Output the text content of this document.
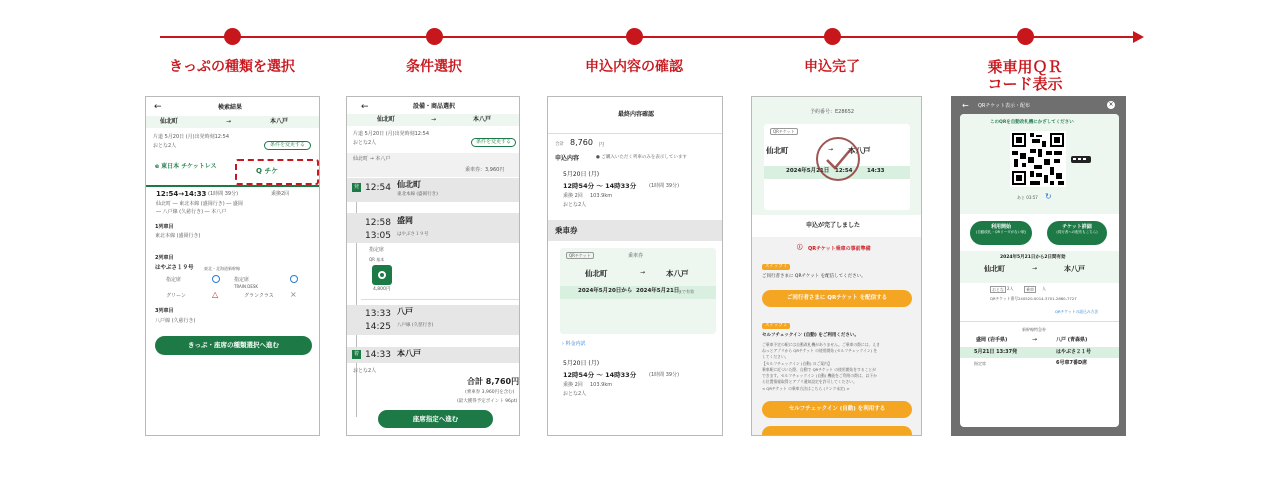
きっぷの種類を選択	条件選択	申込内容の確認	申込完了	乗車用ＱＲ
コード表示
←	検索結果
仙北町	→	本八戸
片道 5月20日 (月)出発時刻12:54
おとな2人	条件を変更する
e 東日本 チケットレス
Q チケ
12:54→14:33 (1時間 39分)	乗換2回
仙北町 ― 東北本線 (盛岡行き) ― 盛岡
― 八戸線 (久慈行き) ― 本八戸
1列車目
東北本線 (盛岡行き)
2列車目
はやぶさ１９号	東北・北海道新幹線
指定席	指定席
TRAIN DESK
グリーン	△	グランクラス ×
3列車目
八戸線 (久慈行き)
きっぷ・座席の種類選択へ進む
←	設備・商品選択
仙北町	→	本八戸
片道 5月20日 (月)出発時刻12:54
おとな2人	条件を変更する
仙北町 → 本八戸
乗車券：3,960円
発 12:54 仙北町
東北本線 (盛岡行き)
12:58 盛岡
13:05 はやぶさ１９号
指定席
QR 基本
4,800円
13:33 八戸
14:25 八戸線 (久慈行き)
着 14:33 本八戸
おとな2人
合計 8,760円
(乗車券 3,960円を含む)
(最大獲得予定ポイント 96pt)
座席指定へ進む
最終内容確認
合計 8,760 円
申込内容	● ご購入いただく列車のみを表示しています
5月20日 (月)
12時54分 〜 14時33分	(1時間 39分)
乗換 2回 103.9km
おとな2人
乗車券
QRチケット	乗車券
仙北町	→	本八戸
2024年5月20日から 2024年5月21日
まで有効
› 料金内訳
5月20日 (月)
12時54分 〜 14時33分	(1時間 39分)
乗換 2回 103.9km
おとな2人
予約番号：E28652
QRチケット
仙北町	→ 本八戸
2024年5月21日 12:54	14:33
申込が完了しました
ⓘ QRチケット乗車の事前準備
ステップ１
ご同行者さまに QRチケット を配信してください。
ご同行者さまに QRチケット を配信する
ステップ２
セルフチェックイン (自動) をご利用ください。
ご乗車予定の駅には自動改札機がありません。ご乗車の際には、えき
ねっとアプリから QRチケット の使用開始 (セルフチェックイン) を
してください。
【セルフチェックイン (自動) のご案内】
乗車駅に近づいた際、自動で QRチケット の使用開始をすることが
できます。セルフチェックイン (自動) 機能をご利用の際は、以下か
ら位置情報取得とアプリ通知設定を許可してください。
< QRチケット の乗車方法はこちら (リンク未定) >
セルフチェックイン (自動) を利用する
← QRチケット表示・配布	×
このQRを自動改札機にかざしてください
あと 03:57 ↻
利用開始
(自動改札・QRリーダがない駅)
チケット詳細
(同行者への配布もこちら)
2024年5月21日から2日間有効
仙北町	→	本八戸
おとな 2人	乗車	人
QRチケット番号 240520-0014-3701-2860-7727
QRチケットの読込み方法
新幹線特急券
盛岡 (岩手県)	→	八戸 (青森県)
5月21日 13:37発	はやぶさ２１号
指定席	6号車7番D席
